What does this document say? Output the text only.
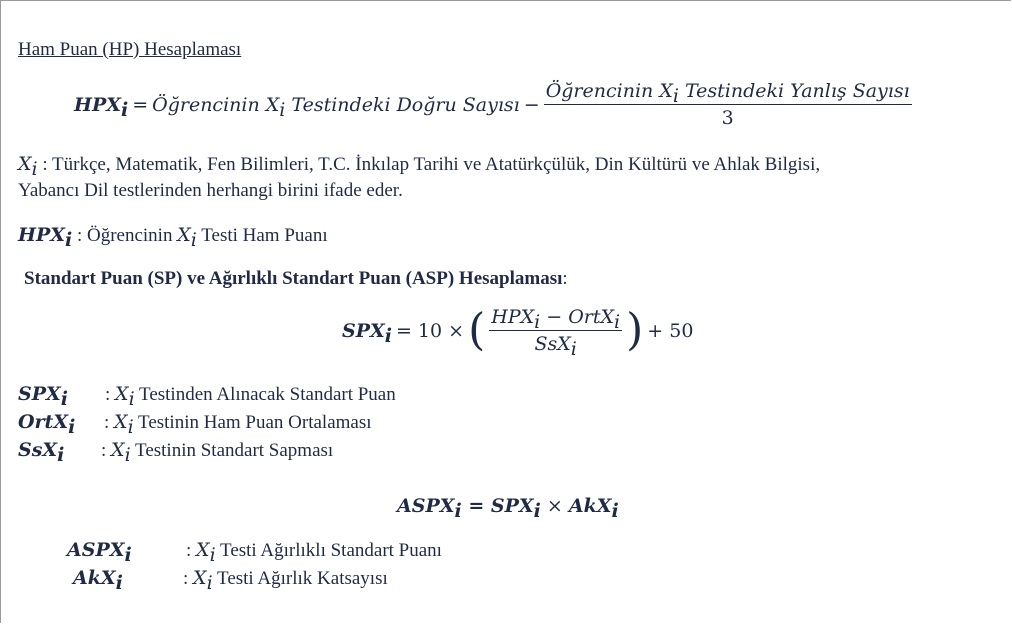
Ham Puan (HP) Hesaplaması
$HPX_i$ = Öğrencinin $X_i$ Testindeki Doğru Sayısı − $\frac{Öğrencinin X_i Testindeki Yanlış Sayısı}{3}$
$X_i$ : Türkçe, Matematik, Fen Bilimleri, T.C. İnkılap Tarihi ve Atatürkçülük, Din Kültürü ve Ahlak Bilgisi,
Yabancı Dil testlerinden herhangi birini ifade eder.
$HPX_i$ : Öğrencinin $X_i$ Testi Ham Puanı
Standart Puan (SP) ve Ağırlıklı Standart Puan (ASP) Hesaplaması:
$SPX_i = 10$ × ( $\frac{HPX_i - OrtX_i}{SsX_i}$ ) + 50
$SPX_i$ : $X_i$ Testinden Alınacak Standart Puan
OrtX$_i$ : $X_i$ Testinin Ham Puan Ortalaması
SsX$_i$ : $X_i$ Testinin Standart Sapması
$ASPX_i = SPX_i \times AkX_i$
$ASPX_i$	: $X_i$ Testi Ağırlıklı Standart Puanı
AkX$_i$	: $X_i$ Testi Ağırlık Katsayısı
